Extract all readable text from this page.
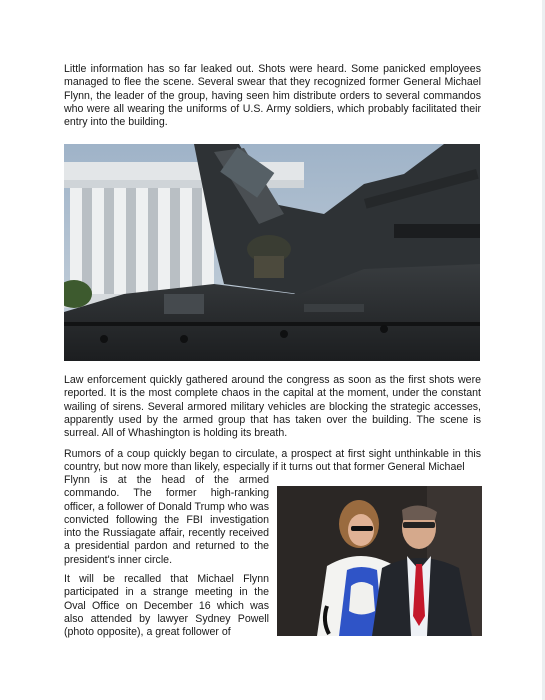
Little information has so far leaked out. Shots were heard. Some panicked employees managed to flee the scene. Several swear that they recognized former General Michael Flynn, the leader of the group, having seen him distribute orders to several commandos who were all wearing the uniforms of U.S. Army soldiers, which probably facilitated their entry into the building.

Law enforcement quickly gathered around the congress as soon as the first shots were reported. It is the most complete chaos in the capital at the moment, under the constant wailing of sirens. Several armored military vehicles are blocking the strategic accesses, apparently used by the armed group that has taken over the building. The scene is surreal. All of Whashington is holding its breath.

Rumors of a coup quickly began to circulate, a prospect at first sight unthinkable in this country, but now more than likely, especially if it turns out that former General Michael

Flynn is at the head of the armed commando. The former high-ranking officer, a follower of Donald Trump who was convicted following the FBI investigation into the Russiagate affair, recently received a presidential pardon and returned to the president's inner circle.

It will be recalled that Michael Flynn participated in a strange meeting in the Oval Office on December 16 which was also attended by lawyer Sydney Powell (photo opposite), a great follower of
